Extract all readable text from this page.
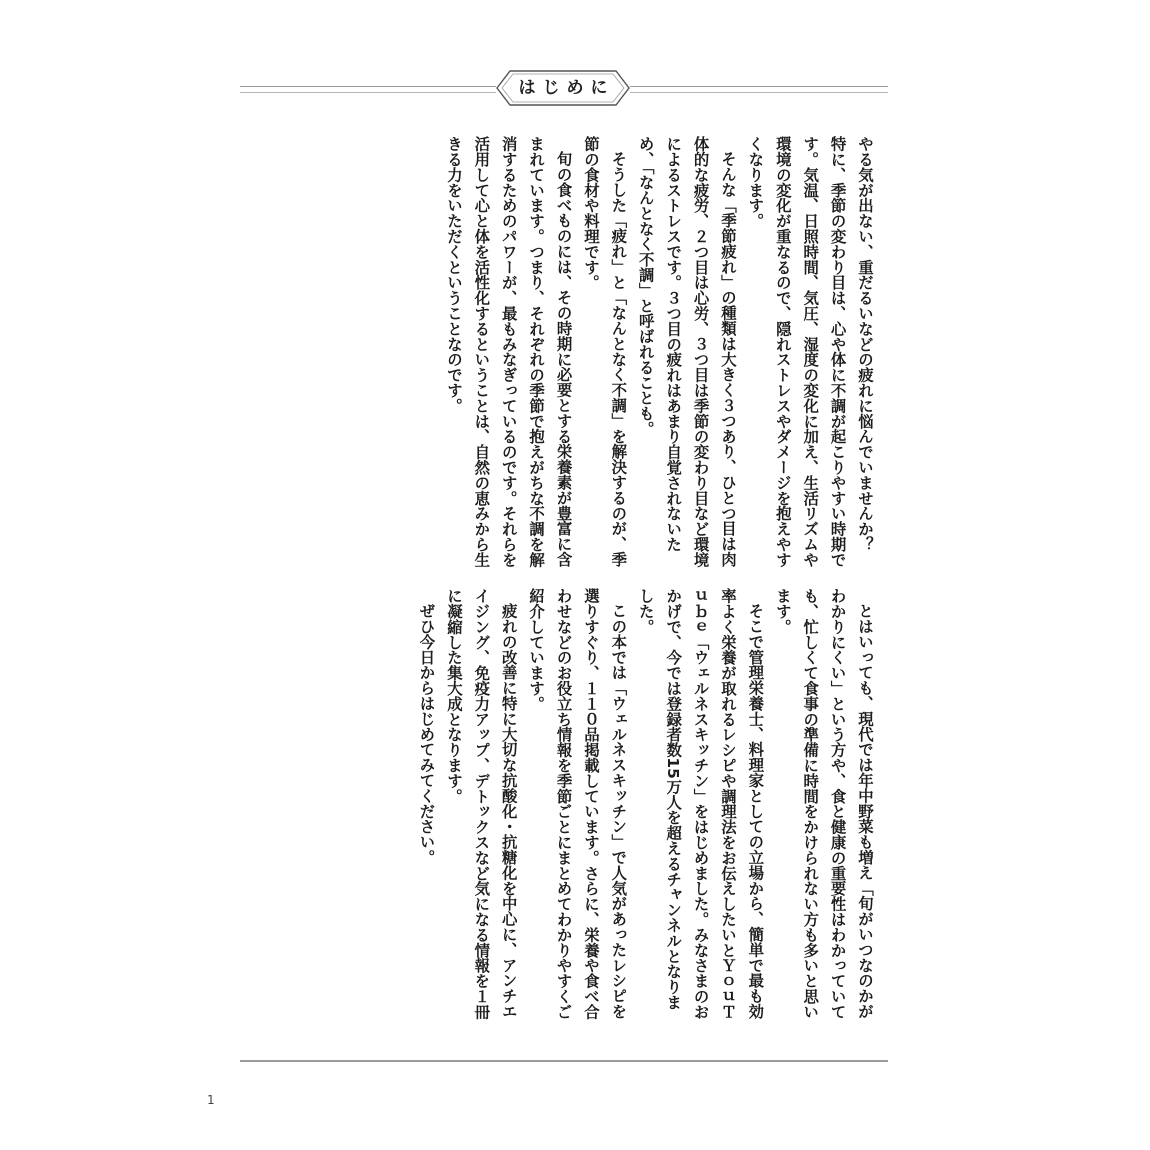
はじめに

やる気が出ない、重だるいなどの疲れに悩んでいませんか？　特に、季節の変わり目は、心や体に不調が起こりやすい時期です。気温、日照時間、気圧、湿度の変化に加え、生活リズムや環境の変化が重なるので、隠れストレスやダメージを抱えやすくなります。

そんな「季節疲れ」の種類は大きく３つあり、ひとつ目は肉体的な疲労、２つ目は心労、３つ目は季節の変わり目など環境によるストレスです。３つ目の疲れはあまり自覚されないため、「なんとなく不調」と呼ばれることも。

そうした「疲れ」と「なんとなく不調」を解決するのが、季節の食材や料理です。

旬の食べものには、その時期に必要とする栄養素が豊富に含まれています。つまり、それぞれの季節で抱えがちな不調を解消するためのパワーが、最もみなぎっているのです。それらを活用して心と体を活性化するということは、自然の恵みから生きる力をいただくということなのです。

とはいっても、現代では年中野菜も増え「旬がいつなのかがわかりにくい」という方や、食と健康の重要性はわかっていても、忙しくて食事の準備に時間をかけられない方も多いと思います。

そこで管理栄養士、料理家としての立場から、簡単で最も効率よく栄養が取れるレシピや調理法をお伝えしたいとＹｏｕＴｕｂｅ「ウェルネスキッチン」をはじめました。みなさまのおかげで、今では登録者数15万人を超えるチャンネルとなりました。

この本では「ウェルネスキッチン」で人気があったレシピを選りすぐり、１１０品掲載しています。さらに、栄養や食べ合わせなどのお役立ち情報を季節ごとにまとめてわかりやすくご紹介しています。

疲れの改善に特に大切な抗酸化・抗糖化を中心に、アンチエイジング、免疫力アップ、デトックスなど気になる情報を１冊に凝縮した集大成となります。

ぜひ今日からはじめてみてください。

1
